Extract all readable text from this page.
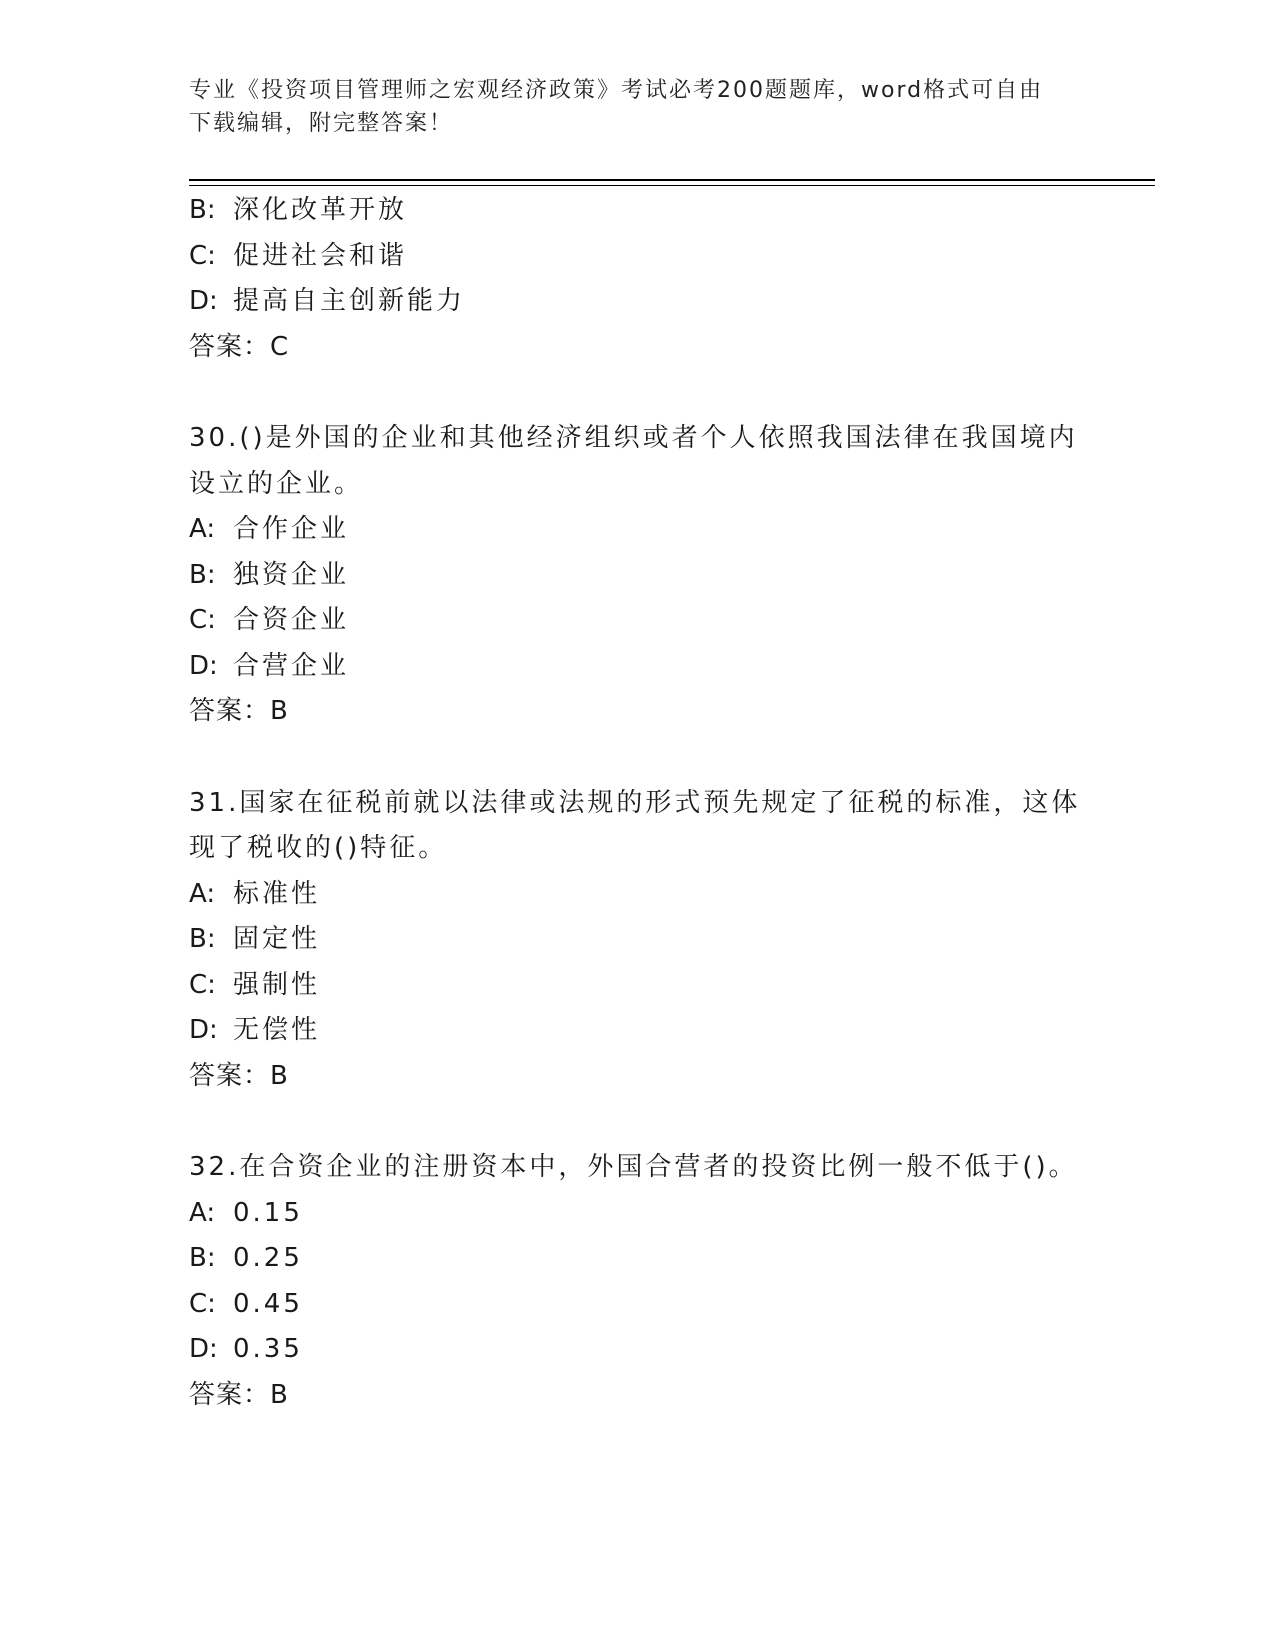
专业《投资项目管理师之宏观经济政策》考试必考200题题库，word格式可自由
下载编辑，附完整答案！
B: 深化改革开放
C: 促进社会和谐
D: 提高自主创新能力
答案：C
30.()是外国的企业和其他经济组织或者个人依照我国法律在我国境内
设立的企业。
A: 合作企业
B: 独资企业
C: 合资企业
D: 合营企业
答案：B
31.国家在征税前就以法律或法规的形式预先规定了征税的标准，这体
现了税收的()特征。
A: 标准性
B: 固定性
C: 强制性
D: 无偿性
答案：B
32.在合资企业的注册资本中，外国合营者的投资比例一般不低于()。
A: 0.15
B: 0.25
C: 0.45
D: 0.35
答案：B
